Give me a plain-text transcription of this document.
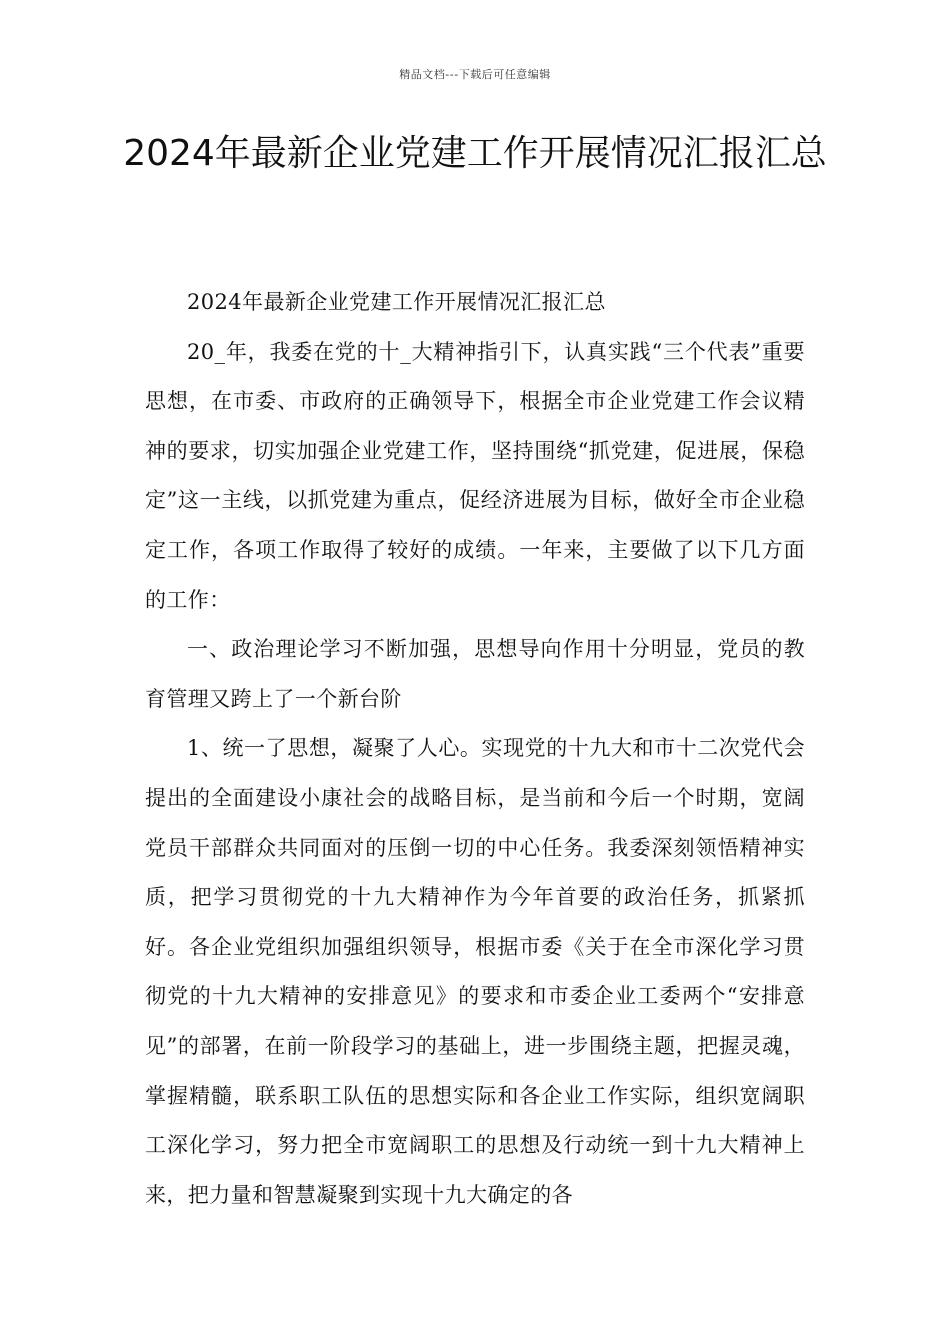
精品文档---下载后可任意编辑
2024年最新企业党建工作开展情况汇报汇总

2024年最新企业党建工作开展情况汇报汇总

20_年，我委在党的十_大精神指引下，认真实践“三个代表”重要思想，在市委、市政府的正确领导下，根据全市企业党建工作会议精神的要求，切实加强企业党建工作，坚持围绕“抓党建，促进展，保稳定”这一主线，以抓党建为重点，促经济进展为目标，做好全市企业稳定工作，各项工作取得了较好的成绩。一年来，主要做了以下几方面的工作：

一、政治理论学习不断加强，思想导向作用十分明显，党员的教育管理又跨上了一个新台阶

1、统一了思想，凝聚了人心。实现党的十九大和市十二次党代会提出的全面建设小康社会的战略目标，是当前和今后一个时期，宽阔党员干部群众共同面对的压倒一切的中心任务。我委深刻领悟精神实质，把学习贯彻党的十九大精神作为今年首要的政治任务，抓紧抓好。各企业党组织加强组织领导，根据市委《关于在全市深化学习贯彻党的十九大精神的安排意见》的要求和市委企业工委两个“安排意见”的部署，在前一阶段学习的基础上，进一步围绕主题，把握灵魂，掌握精髓，联系职工队伍的思想实际和各企业工作实际，组织宽阔职工深化学习，努力把全市宽阔职工的思想及行动统一到十九大精神上来，把力量和智慧凝聚到实现十九大确定的各
